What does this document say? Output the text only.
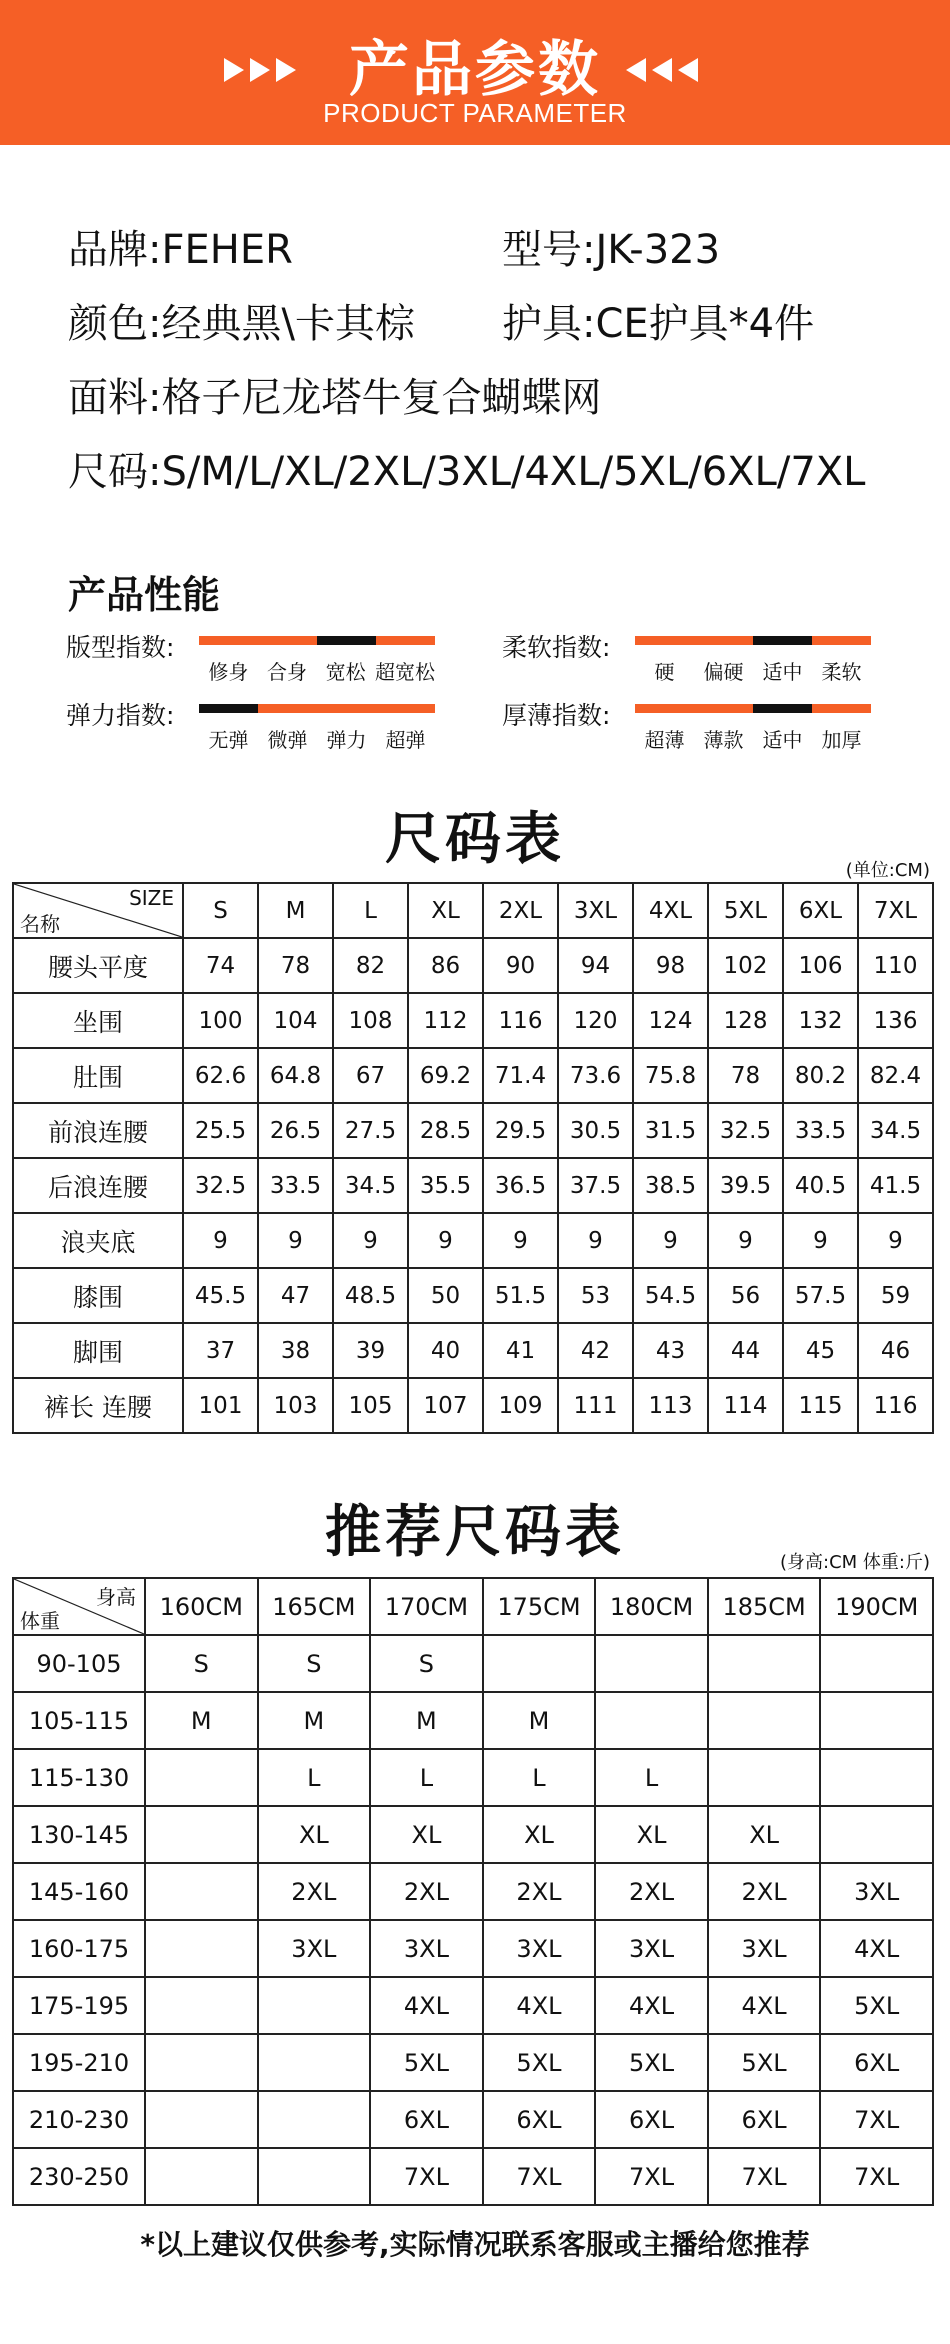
产品参数
PRODUCT PARAMETER
品牌:FEHER	型号:JK-323
颜色:经典黑\卡其棕 护具:CE护具*4件
面料:格子尼龙塔牛复合蝴蝶网
尺码:S/M/L/XL/2XL/3XL/4XL/5XL/6XL/7XL
产品性能
版型指数:
修身 合身 宽松 超宽松
柔软指数:
硬	偏硬 适中 柔软
弹力指数:
无弹 微弹 弹力 超弹
厚薄指数:
超薄 薄款 适中 加厚
尺码表	(单位:CM)
SIZE
名称	S	M	L	XL	2XL	3XL	4XL	5XL	6XL	7XL
腰头平度	74	78	82	86	90	94	98	102	106	110
坐围	100	104	108	112	116	120	124	128	132	136
肚围	62.6	64.8	67	69.2	71.4	73.6	75.8	78	80.2	82.4
前浪连腰	25.5	26.5	27.5	28.5	29.5	30.5	31.5	32.5	33.5	34.5
后浪连腰	32.5	33.5	34.5	35.5	36.5	37.5	38.5	39.5	40.5	41.5
浪夹底	9	9	9	9	9	9	9	9	9	9
膝围	45.5	47	48.5	50	51.5	53	54.5	56	57.5	59
脚围	37	38	39	40	41	42	43	44	45	46
裤长 连腰	101	103	105	107	109	111	113	114	115	116
推荐尺码表	(身高:CM 体重:斤)
身高
体重	160CM	165CM	170CM	175CM	180CM	185CM	190CM
90-105	S	S	S				
105-115	M	M	M	M			
115-130		L	L	L	L		
130-145		XL	XL	XL	XL	XL	
145-160		2XL	2XL	2XL	2XL	2XL	3XL
160-175		3XL	3XL	3XL	3XL	3XL	4XL
175-195			4XL	4XL	4XL	4XL	5XL
195-210			5XL	5XL	5XL	5XL	6XL
210-230			6XL	6XL	6XL	6XL	7XL
230-250			7XL	7XL	7XL	7XL	7XL
*以上建议仅供参考,实际情况联系客服或主播给您推荐
